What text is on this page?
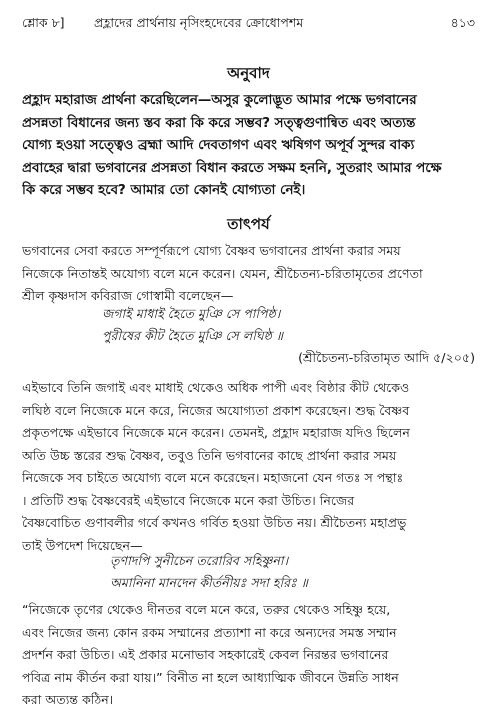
শ্লোক ৮] প্রহ্লাদের প্রার্থনায় নৃসিংহদেবের ক্রোধোপশম	৪১৩
অনুবাদ
প্রহ্লাদ মহারাজ প্রার্থনা করেছিলেন—অসুর কুলোদ্ভূত আমার পক্ষে ভগবানের
প্রসন্নতা বিধানের জন্য স্তব করা কি করে সম্ভব? সত্ত্বগুণান্বিত এবং অত্যন্ত
যোগ্য হওয়া সত্ত্বেও ব্রহ্মা আদি দেবতাগণ এবং ঋষিগণ অপূর্ব সুন্দর বাক্য
প্রবাহের দ্বারা ভগবানের প্রসন্নতা বিধান করতে সক্ষম হননি, সুতরাং আমার পক্ষে
কি করে সম্ভব হবে? আমার তো কোনই যোগ্যতা নেই।
তাৎপর্য
ভগবানের সেবা করতে সম্পূর্ণরূপে যোগ্য বৈষ্ণব ভগবানের প্রার্থনা করার সময়
নিজেকে নিতান্তই অযোগ্য বলে মনে করেন। যেমন, শ্রীচৈতন্য-চরিতামৃতের প্রণেতা
শ্রীল কৃষ্ণদাস কবিরাজ গোস্বামী বলেছেন—
জগাই মাধাই হৈতে মুঞি সে পাপিষ্ঠ।
পুরীষের কীট হৈতে মুঞি সে লঘিষ্ঠ ॥
(শ্রীচৈতন্য-চরিতামৃত আদি ৫/২০৫)
এইভাবে তিনি জগাই এবং মাধাই থেকেও অধিক পাপী এবং বিষ্ঠার কীট থেকেও
লঘিষ্ঠ বলে নিজেকে মনে করে, নিজের অযোগ্যতা প্রকাশ করেছেন। শুদ্ধ বৈষ্ণব
প্রকৃতপক্ষে এইভাবে নিজেকে মনে করেন। তেমনই, প্রহ্লাদ মহারাজ যদিও ছিলেন
অতি উচ্চ স্তরের শুদ্ধ বৈষ্ণব, তবুও তিনি ভগবানের কাছে প্রার্থনা করার সময়
নিজেকে সব চাইতে অযোগ্য বলে মনে করেছেন। মহাজনো যেন গতঃ স পন্থাঃ
। প্রতিটি শুদ্ধ বৈষ্ণবেরই এইভাবে নিজেকে মনে করা উচিত। নিজের
বৈষ্ণবোচিত গুণাবলীর গর্বে কখনও গর্বিত হওয়া উচিত নয়। শ্রীচৈতন্য মহাপ্রভু
তাই উপদেশ দিয়েছেন—
তৃণাদপি সুনীচেন তরোরিব সহিষ্ণুনা।
অমানিনা মানদেন কীর্তনীয়ঃ সদা হরিঃ ॥
“নিজেকে তৃণের থেকেও দীনতর বলে মনে করে, তরুর থেকেও সহিষ্ণু হয়ে,
এবং নিজের জন্য কোন রকম সম্মানের প্রত্যাশা না করে অন্যদের সমস্ত সম্মান
প্রদর্শন করা উচিত। এই প্রকার মনোভাব সহকারেই কেবল নিরন্তর ভগবানের
পবিত্র নাম কীর্তন করা যায়।” বিনীত না হলে আধ্যাত্মিক জীবনে উন্নতি সাধন
করা অত্যন্ত কঠিন।
